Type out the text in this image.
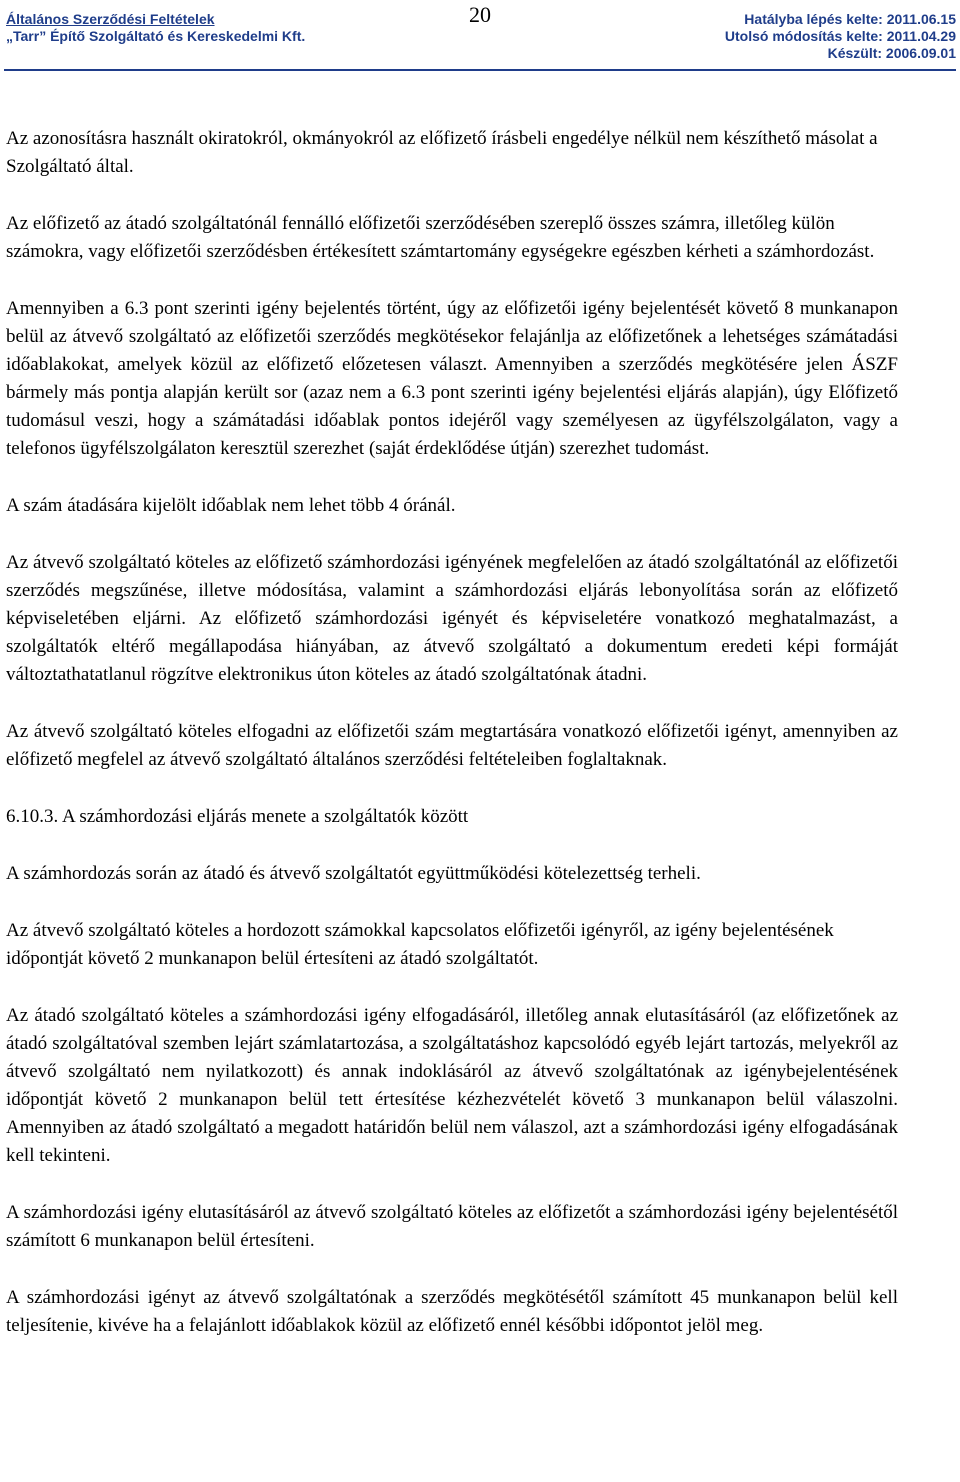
Általános Szerződési Feltételek
„Tarr” Építő Szolgáltató és Kereskedelmi Kft.
20	Hatályba lépés kelte: 2011.06.15
Utolsó módosítás kelte: 2011.04.29
Készült: 2006.09.01

Az azonosításra használt okiratokról, okmányokról az előfizető írásbeli engedélye nélkül nem készíthető másolat a Szolgáltató által.

Az előfizető az átadó szolgáltatónál fennálló előfizetői szerződésében szereplő összes számra, illetőleg külön számokra, vagy előfizetői szerződésben értékesített számtartomány egységekre egészben kérheti a számhordozást.

Amennyiben a 6.3 pont szerinti igény bejelentés történt, úgy az előfizetői igény bejelentését követő 8 munkanapon belül az átvevő szolgáltató az előfizetői szerződés megkötésekor felajánlja az előfizetőnek a lehetséges számátadási időablakokat, amelyek közül az előfizető előzetesen választ. Amennyiben a szerződés megkötésére jelen ÁSZF bármely más pontja alapján került sor (azaz nem a 6.3 pont szerinti igény bejelentési eljárás alapján), úgy Előfizető tudomásul veszi, hogy a számátadási időablak pontos idejéről vagy személyesen az ügyfélszolgálaton, vagy a telefonos ügyfélszolgálaton keresztül szerezhet (saját érdeklődése útján) szerezhet tudomást.

A szám átadására kijelölt időablak nem lehet több 4 óránál.

Az átvevő szolgáltató köteles az előfizető számhordozási igényének megfelelően az átadó szolgáltatónál az előfizetői szerződés megszűnése, illetve módosítása, valamint a számhordozási eljárás lebonyolítása során az előfizető képviseletében eljárni. Az előfizető számhordozási igényét és képviseletére vonatkozó meghatalmazást, a szolgáltatók eltérő megállapodása hiányában, az átvevő szolgáltató a dokumentum eredeti képi formáját változtathatatlanul rögzítve elektronikus úton köteles az átadó szolgáltatónak átadni.

Az átvevő szolgáltató köteles elfogadni az előfizetői szám megtartására vonatkozó előfizetői igényt, amennyiben az előfizető megfelel az átvevő szolgáltató általános szerződési feltételeiben foglaltaknak.

6.10.3. A számhordozási eljárás menete a szolgáltatók között

A számhordozás során az átadó és átvevő szolgáltatót együttműködési kötelezettség terheli.

Az átvevő szolgáltató köteles a hordozott számokkal kapcsolatos előfizetői igényről, az igény bejelentésének időpontját követő 2 munkanapon belül értesíteni az átadó szolgáltatót.

Az átadó szolgáltató köteles a számhordozási igény elfogadásáról, illetőleg annak elutasításáról (az előfizetőnek az átadó szolgáltatóval szemben lejárt számlatartozása, a szolgáltatáshoz kapcsolódó egyéb lejárt tartozás, melyekről az átvevő szolgáltató nem nyilatkozott) és annak indoklásáról az átvevő szolgáltatónak az igénybejelentésének időpontját követő 2 munkanapon belül tett értesítése kézhezvételét követő 3 munkanapon belül válaszolni. Amennyiben az átadó szolgáltató a megadott határidőn belül nem válaszol, azt a számhordozási igény elfogadásának kell tekinteni.

A számhordozási igény elutasításáról az átvevő szolgáltató köteles az előfizetőt a számhordozási igény bejelentésétől számított 6 munkanapon belül értesíteni.

A számhordozási igényt az átvevő szolgáltatónak a szerződés megkötésétől számított 45 munkanapon belül kell teljesítenie, kivéve ha a felajánlott időablakok közül az előfizető ennél későbbi időpontot jelöl meg.
